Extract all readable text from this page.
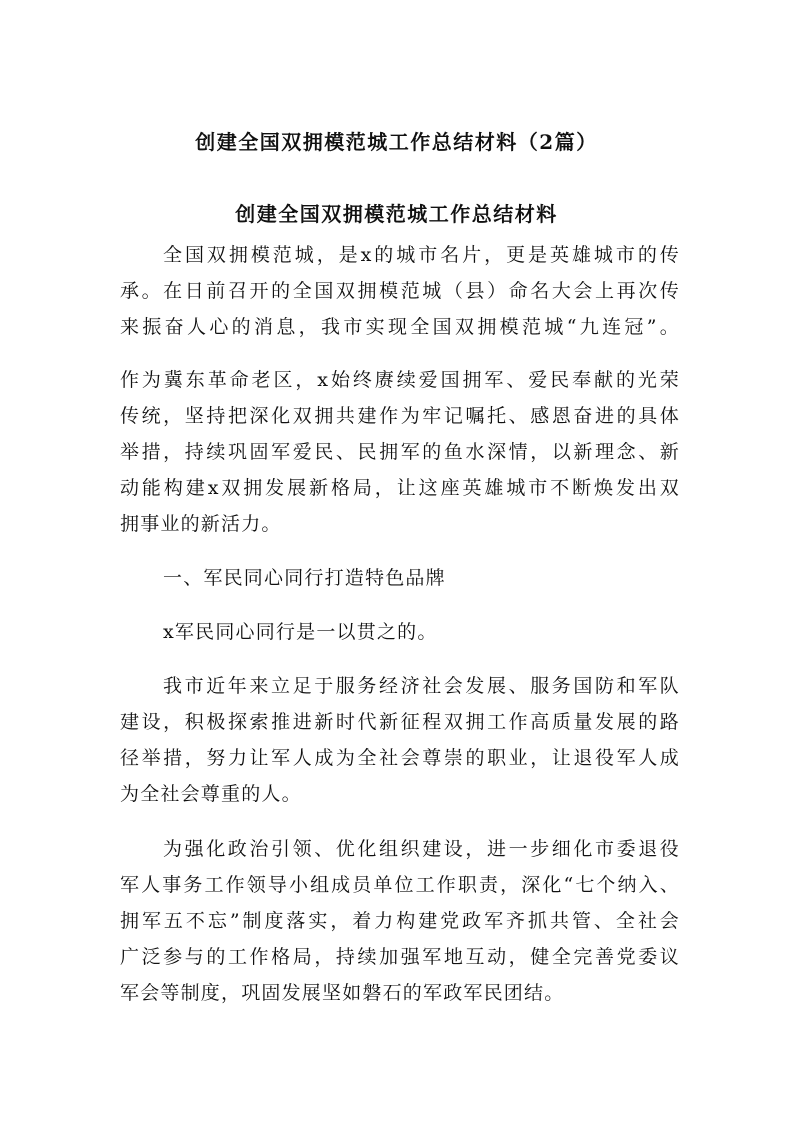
创建全国双拥模范城工作总结材料（2篇）
创建全国双拥模范城工作总结材料
全国双拥模范城，是x的城市名片，更是英雄城市的传
承。在日前召开的全国双拥模范城（县）命名大会上再次传
来振奋人心的消息，我市实现全国双拥模范城“九连冠”。
作为冀东革命老区，x始终赓续爱国拥军、爱民奉献的光荣
传统，坚持把深化双拥共建作为牢记嘱托、感恩奋进的具体
举措，持续巩固军爱民、民拥军的鱼水深情，以新理念、新
动能构建x双拥发展新格局，让这座英雄城市不断焕发出双
拥事业的新活力。
一、军民同心同行打造特色品牌
x军民同心同行是一以贯之的。
我市近年来立足于服务经济社会发展、服务国防和军队
建设，积极探索推进新时代新征程双拥工作高质量发展的路
径举措，努力让军人成为全社会尊崇的职业，让退役军人成
为全社会尊重的人。
为强化政治引领、优化组织建设，进一步细化市委退役
军人事务工作领导小组成员单位工作职责，深化“七个纳入、
拥军五不忘”制度落实，着力构建党政军齐抓共管、全社会
广泛参与的工作格局，持续加强军地互动，健全完善党委议
军会等制度，巩固发展坚如磐石的军政军民团结。
